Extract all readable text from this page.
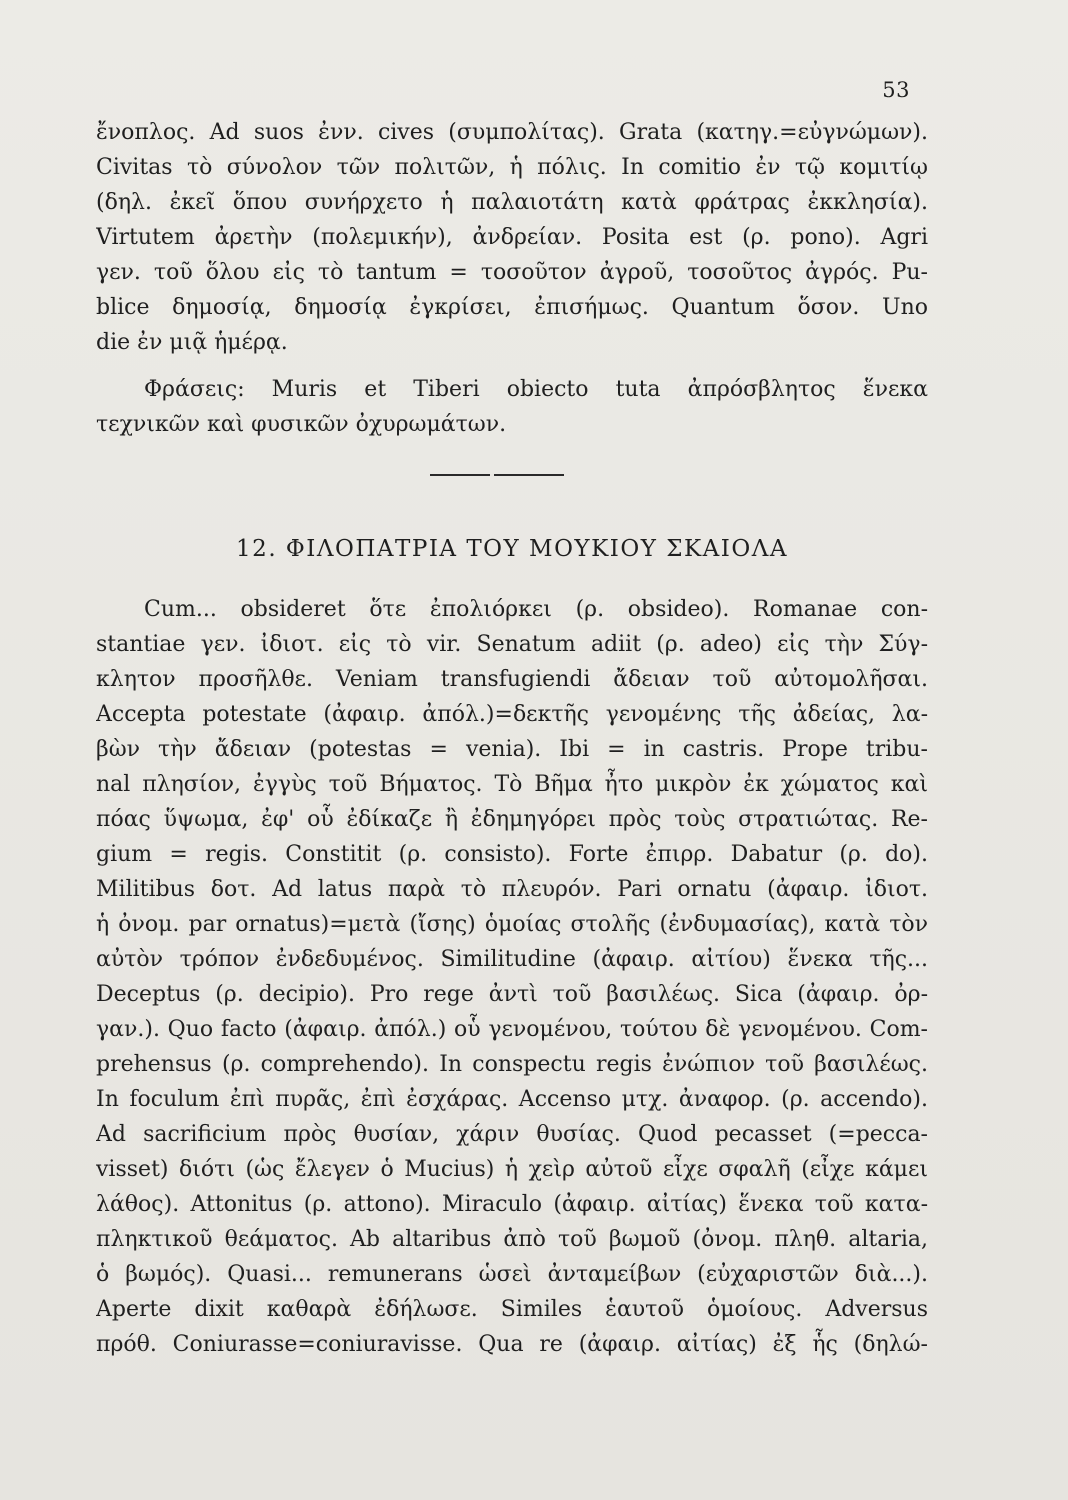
53
ἔνοπλος. Ad suos ἐνν. cives (συμπολίτας). Grata (κατηγ.=εὐγνώμων).
Civitas τὸ σύνολον τῶν πολιτῶν, ἡ πόλις. In comitio ἐν τῷ κομιτίῳ
(δηλ. ἐκεῖ ὅπου συνήρχετο ἡ παλαιοτάτη κατὰ φράτρας ἐκκλησία).
Virtutem ἀρετὴν (πολεμικήν), ἀνδρείαν. Posita est (ρ. pono). Agri
γεν. τοῦ ὅλου εἰς τὸ tantum = τοσοῦτον ἀγροῦ, τοσοῦτος ἀγρός. Pu-
blice δημοσίᾳ, δημοσίᾳ ἐγκρίσει, ἐπισήμως. Quantum ὅσον. Uno
die ἐν μιᾷ ἡμέρᾳ.
Φράσεις: Muris et Tiberi obiecto tuta ἀπρόσβλητος ἕνεκα
τεχνικῶν καὶ φυσικῶν ὀχυρωμάτων.
12. ΦΙΛΟΠΑΤΡΙΑ ΤΟΥ ΜΟΥΚΙΟΥ ΣΚΑΙΟΛΑ
Cum... obsideret ὅτε ἐπολιόρκει (ρ. obsideo). Romanae con-
stantiae γεν. ἰδιοτ. εἰς τὸ vir. Senatum adiit (ρ. adeo) εἰς τὴν Σύγ-
κλητον προσῆλθε. Veniam transfugiendi ἄδειαν τοῦ αὐτομολῆσαι.
Accepta potestate (ἀφαιρ. ἀπόλ.)=δεκτῆς γενομένης τῆς ἀδείας, λα-
βὼν τὴν ἄδειαν (potestas = venia). Ibi = in castris. Prope tribu-
nal πλησίον, ἐγγὺς τοῦ Βήματος. Τὸ Βῆμα ἦτο μικρὸν ἐκ χώματος καὶ
πόας ὕψωμα, ἐφ' οὗ ἐδίκαζε ἢ ἐδημηγόρει πρὸς τοὺς στρατιώτας. Re-
gium = regis. Constitit (ρ. consisto). Forte ἐπιρρ. Dabatur (ρ. do).
Militibus δοτ. Ad latus παρὰ τὸ πλευρόν. Pari ornatu (ἀφαιρ. ἰδιοτ.
ἡ ὀνομ. par ornatus)=μετὰ (ἴσης) ὁμοίας στολῆς (ἐνδυμασίας), κατὰ τὸν
αὐτὸν τρόπον ἐνδεδυμένος. Similitudine (ἀφαιρ. αἰτίου) ἕνεκα τῆς...
Deceptus (ρ. decipio). Pro rege ἀντὶ τοῦ βασιλέως. Sica (ἀφαιρ. ὀρ-
γαν.). Quo facto (ἀφαιρ. ἀπόλ.) οὗ γενομένου, τούτου δὲ γενομένου. Com-
prehensus (ρ. comprehendo). In conspectu regis ἐνώπιον τοῦ βασιλέως.
In foculum ἐπὶ πυρᾶς, ἐπὶ ἐσχάρας. Accenso μτχ. ἀναφορ. (ρ. accendo).
Ad sacrificium πρὸς θυσίαν, χάριν θυσίας. Quod pecasset (=pecca-
visset) διότι (ὡς ἔλεγεν ὁ Mucius) ἡ χεὶρ αὐτοῦ εἶχε σφαλῆ (εἶχε κάμει
λάθος). Attonitus (ρ. attono). Miraculo (ἀφαιρ. αἰτίας) ἕνεκα τοῦ κατα-
πληκτικοῦ θεάματος. Ab altaribus ἀπὸ τοῦ βωμοῦ (ὀνομ. πληθ. altaria,
ὁ βωμός). Quasi... remunerans ὡσεὶ ἀνταμείβων (εὐχαριστῶν διὰ...).
Aperte dixit καθαρὰ ἐδήλωσε. Similes ἑαυτοῦ ὁμοίους. Adversus
πρόθ. Coniurasse=coniuravisse. Qua re (ἀφαιρ. αἰτίας) ἐξ ἧς (δηλώ-
